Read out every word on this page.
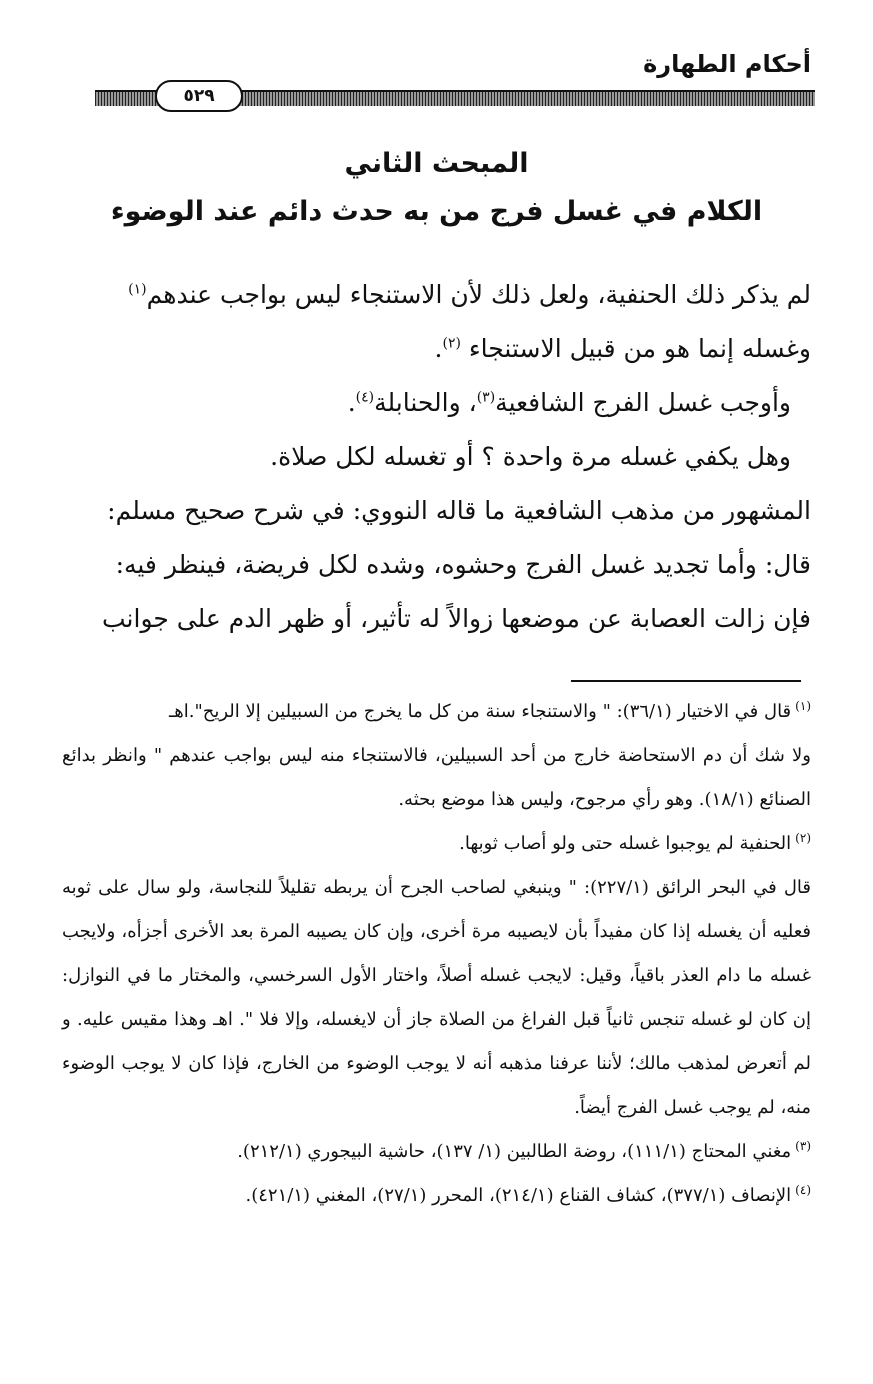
أحكام الطهارة
٥٢٩
المبحث الثاني
الكلام في غسل فرج من به حدث دائم عند الوضوء

لم يذكر ذلك الحنفية، ولعل ذلك لأن الاستنجاء ليس بواجب عندهم$^{(١)}$

وغسله إنما هو من قبيل الاستنجاء $^{(٢)}$.

وأوجب غسل الفرج الشافعية$^{(٣)}$، والحنابلة$^{(٤)}$.

وهل يكفي غسله مرة واحدة ؟ أو تغسله لكل صلاة.

المشهور من مذهب الشافعية ما قاله النووي: في شرح صحيح مسلم:

قال: وأما تجديد غسل الفرج وحشوه، وشده لكل فريضة، فينظر فيه:

فإن زالت العصابة عن موضعها زوالاً له تأثير، أو ظهر الدم على جوانب

$^{(١)}$قال في الاختيار (٣٦/١): " والاستنجاء سنة من كل ما يخرج من السبيلين إلا الريح".اهـ

ولا شك أن دم الاستحاضة خارج من أحد السبيلين، فالاستنجاء منه ليس بواجب عندهم " وانظر بدائع الصنائع (١٨/١). وهو رأي مرجوح، وليس هذا موضع بحثه.

$^{(٢)}$الحنفية لم يوجبوا غسله حتى ولو أصاب ثوبها.

قال في البحر الرائق (٢٢٧/١): " وينبغي لصاحب الجرح أن يربطه تقليلاً للنجاسة، ولو سال على ثوبه فعليه أن يغسله إذا كان مفيداً بأن لايصيبه مرة أخرى، وإن كان يصيبه المرة بعد الأخرى أجزأه، ولايجب غسله ما دام العذر باقياً، وقيل: لايجب غسله أصلاً، واختار الأول السرخسي، والمختار ما في النوازل: إن كان لو غسله تنجس ثانياً قبل الفراغ من الصلاة جاز أن لايغسله، وإلا فلا ". اهـ وهذا مقيس عليه. و لم أتعرض لمذهب مالك؛ لأننا عرفنا مذهبه أنه لا يوجب الوضوء من الخارج، فإذا كان لا يوجب الوضوء منه، لم يوجب غسل الفرج أيضاً.

$^{(٣)}$مغني المحتاج (١١١/١)، روضة الطالبين (١/ ١٣٧)، حاشية البيجوري (٢١٢/١).

$^{(٤)}$الإنصاف (٣٧٧/١)، كشاف القناع (٢١٤/١)، المحرر (٢٧/١)، المغني (٤٢١/١).
